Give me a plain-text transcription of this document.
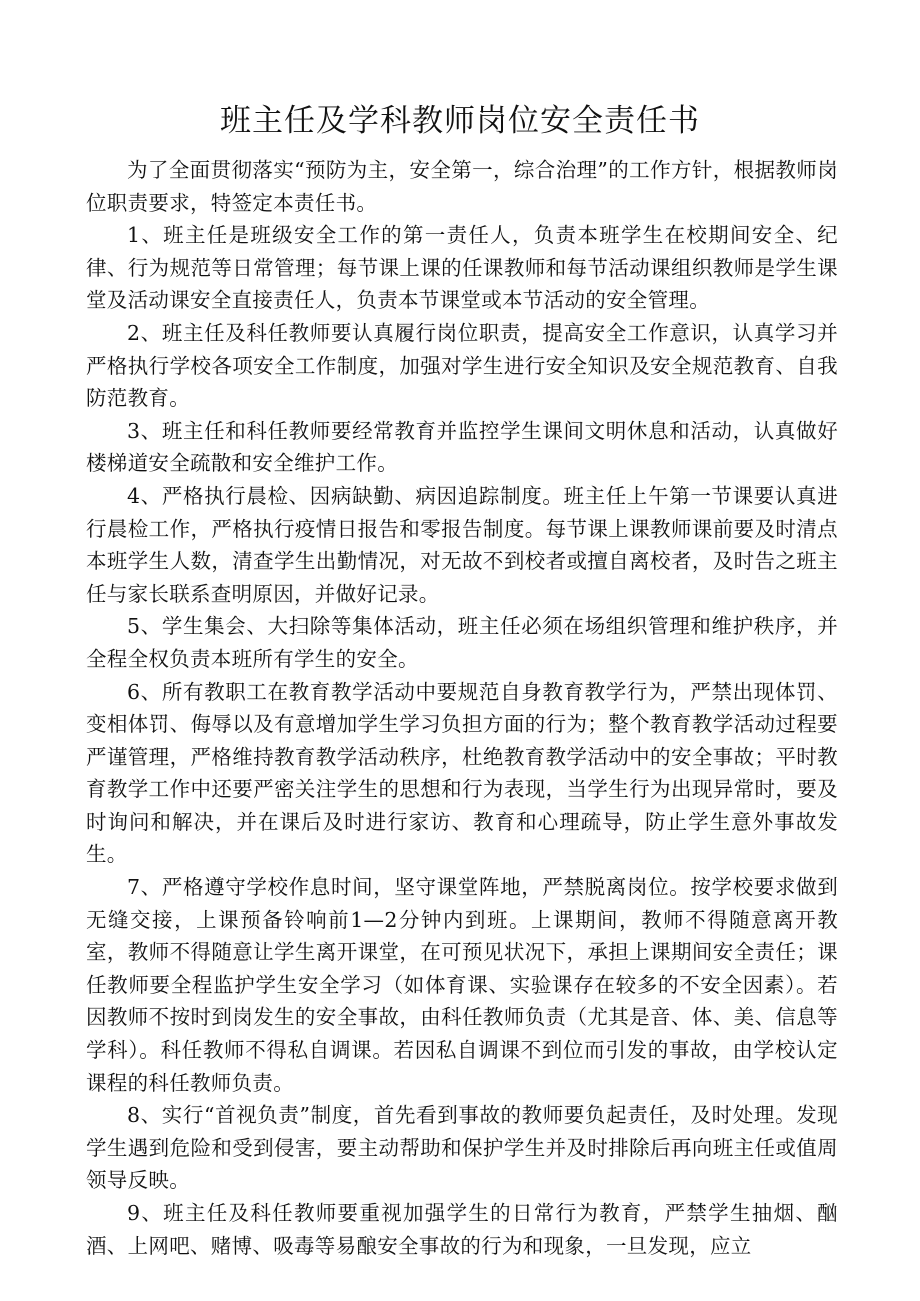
班主任及学科教师岗位安全责任书

为了全面贯彻落实“预防为主，安全第一，综合治理”的工作方针，根据教师岗位职责要求，特签定本责任书。

1、班主任是班级安全工作的第一责任人，负责本班学生在校期间安全、纪律、行为规范等日常管理；每节课上课的任课教师和每节活动课组织教师是学生课堂及活动课安全直接责任人，负责本节课堂或本节活动的安全管理。

2、班主任及科任教师要认真履行岗位职责，提高安全工作意识，认真学习并严格执行学校各项安全工作制度，加强对学生进行安全知识及安全规范教育、自我防范教育。

3、班主任和科任教师要经常教育并监控学生课间文明休息和活动，认真做好楼梯道安全疏散和安全维护工作。

4、严格执行晨检、因病缺勤、病因追踪制度。班主任上午第一节课要认真进行晨检工作，严格执行疫情日报告和零报告制度。每节课上课教师课前要及时清点本班学生人数，清查学生出勤情况，对无故不到校者或擅自离校者，及时告之班主任与家长联系查明原因，并做好记录。

5、学生集会、大扫除等集体活动，班主任必须在场组织管理和维护秩序，并全程全权负责本班所有学生的安全。

6、所有教职工在教育教学活动中要规范自身教育教学行为，严禁出现体罚、变相体罚、侮辱以及有意增加学生学习负担方面的行为；整个教育教学活动过程要严谨管理，严格维持教育教学活动秩序，杜绝教育教学活动中的安全事故；平时教育教学工作中还要严密关注学生的思想和行为表现，当学生行为出现异常时，要及时询问和解决，并在课后及时进行家访、教育和心理疏导，防止学生意外事故发生。

7、严格遵守学校作息时间，坚守课堂阵地，严禁脱离岗位。按学校要求做到无缝交接，上课预备铃响前1—2分钟内到班。上课期间，教师不得随意离开教室，教师不得随意让学生离开课堂，在可预见状况下，承担上课期间安全责任；课任教师要全程监护学生安全学习（如体育课、实验课存在较多的不安全因素）。若因教师不按时到岗发生的安全事故，由科任教师负责（尤其是音、体、美、信息等学科）。科任教师不得私自调课。若因私自调课不到位而引发的事故，由学校认定课程的科任教师负责。

8、实行“首视负责”制度，首先看到事故的教师要负起责任，及时处理。发现学生遇到危险和受到侵害，要主动帮助和保护学生并及时排除后再向班主任或值周领导反映。

9、班主任及科任教师要重视加强学生的日常行为教育，严禁学生抽烟、酗酒、上网吧、赌博、吸毒等易酿安全事故的行为和现象，一旦发现，应立
